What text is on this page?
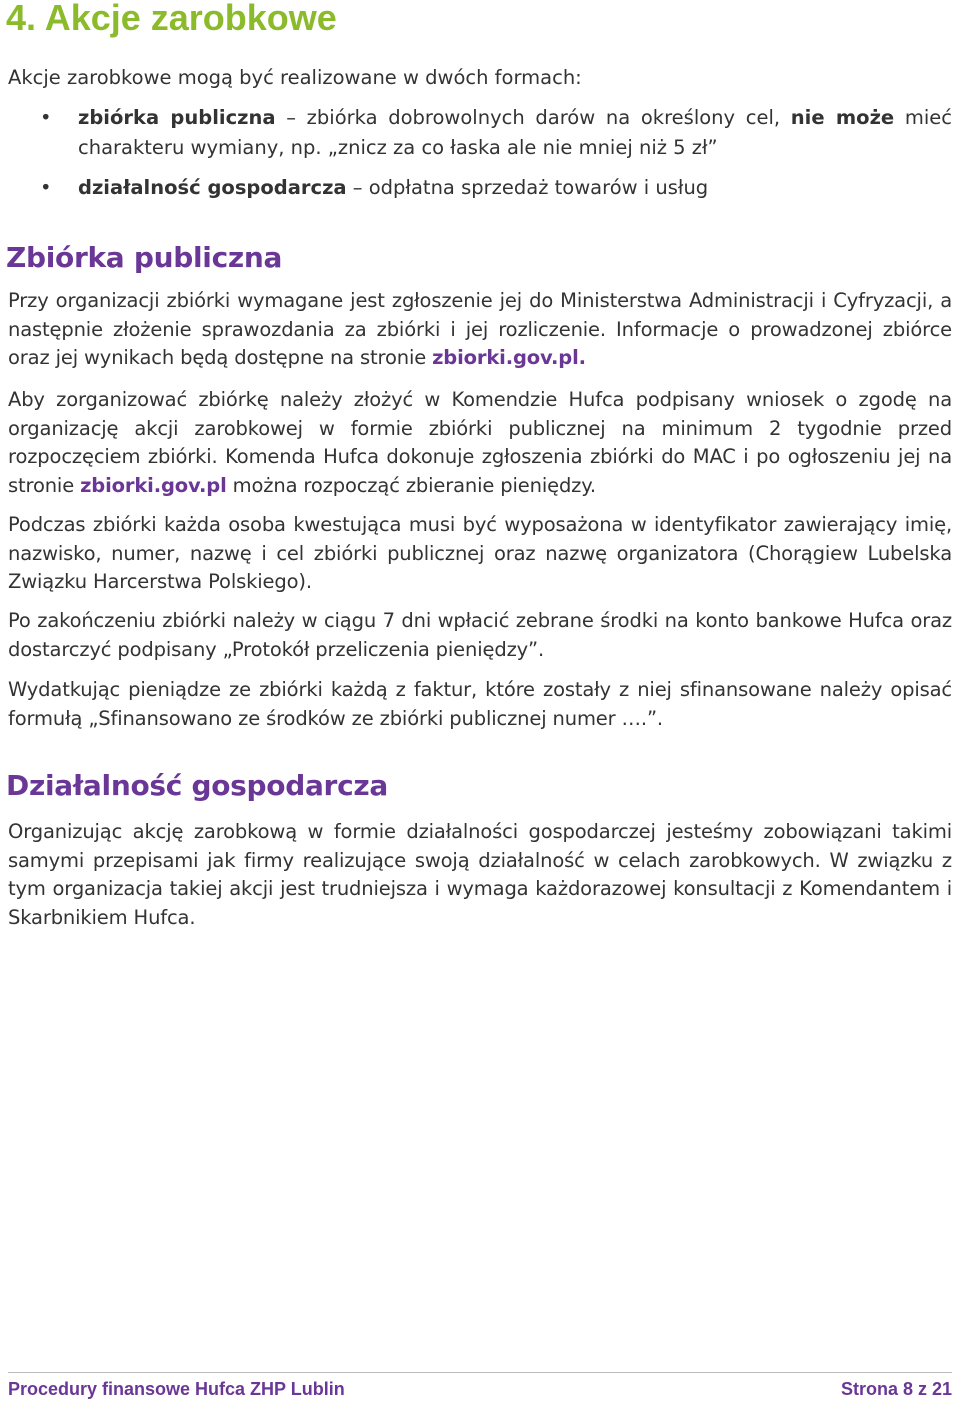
4. Akcje zarobkowe

Akcje zarobkowe mogą być realizowane w dwóch formach:

• zbiórka publiczna – zbiórka dobrowolnych darów na określony cel, nie może mieć charakteru wymiany, np. „znicz za co łaska ale nie mniej niż 5 zł”
• działalność gospodarcza – odpłatna sprzedaż towarów i usług
Zbiórka publiczna

Przy organizacji zbiórki wymagane jest zgłoszenie jej do Ministerstwa Administracji i Cyfryzacji, a następnie złożenie sprawozdania za zbiórki i jej rozliczenie. Informacje o prowadzonej zbiórce oraz jej wynikach będą dostępne na stronie zbiorki.gov.pl.

Aby zorganizować zbiórkę należy złożyć w Komendzie Hufca podpisany wniosek o zgodę na organizację akcji zarobkowej w formie zbiórki publicznej na minimum 2 tygodnie przed rozpoczęciem zbiórki. Komenda Hufca dokonuje zgłoszenia zbiórki do MAC i po ogłoszeniu jej na stronie zbiorki.gov.pl można rozpocząć zbieranie pieniędzy.

Podczas zbiórki każda osoba kwestująca musi być wyposażona w identyfikator zawierający imię, nazwisko, numer, nazwę i cel zbiórki publicznej oraz nazwę organizatora (Chorągiew Lubelska Związku Harcerstwa Polskiego).

Po zakończeniu zbiórki należy w ciągu 7 dni wpłacić zebrane środki na konto bankowe Hufca oraz dostarczyć podpisany „Protokół przeliczenia pieniędzy”.

Wydatkując pieniądze ze zbiórki każdą z faktur, które zostały z niej sfinansowane należy opisać formułą „Sfinansowano ze środków ze zbiórki publicznej numer ….”.

Działalność gospodarcza

Organizując akcję zarobkową w formie działalności gospodarczej jesteśmy zobowiązani takimi samymi przepisami jak firmy realizujące swoją działalność w celach zarobkowych. W związku z tym organizacja takiej akcji jest trudniejsza i wymaga każdorazowej konsultacji z Komendantem i Skarbnikiem Hufca.

Procedury finansowe Hufca ZHP Lublin	Strona 8 z 21
